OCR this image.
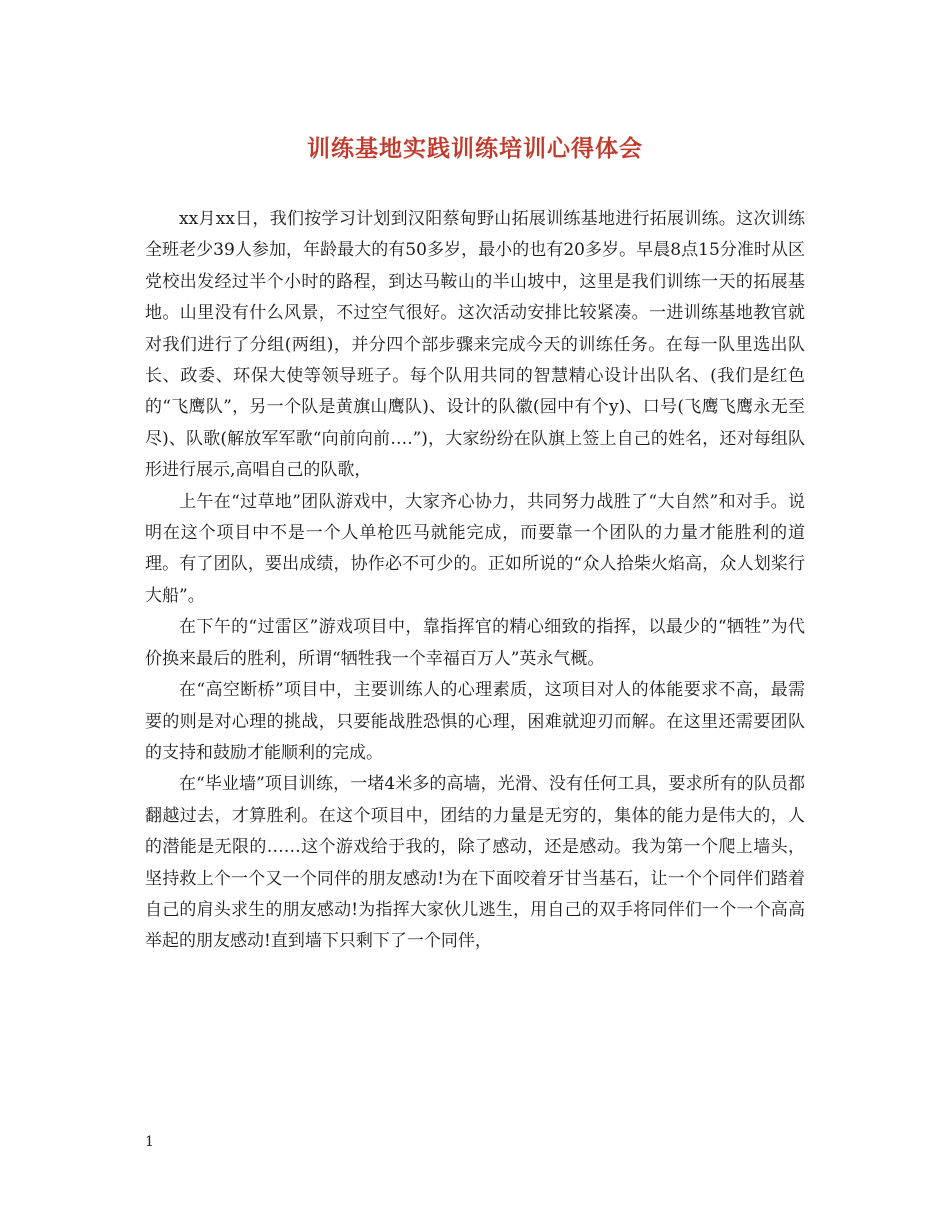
训练基地实践训练培训心得体会

xx月xx日，我们按学习计划到汉阳蔡甸野山拓展训练基地进行拓展训练。这次训练全班老少39人参加，年龄最大的有50多岁，最小的也有20多岁。早晨8点15分准时从区党校出发经过半个小时的路程，到达马鞍山的半山坡中，这里是我们训练一天的拓展基地。山里没有什么风景，不过空气很好。这次活动安排比较紧凑。一进训练基地教官就对我们进行了分组(两组)，并分四个部步骤来完成今天的训练任务。在每一队里选出队长、政委、环保大使等领导班子。每个队用共同的智慧精心设计出队名、(我们是红色的“飞鹰队”，另一个队是黄旗山鹰队)、设计的队徽(园中有个y)、口号(飞鹰飞鹰永无至尽)、队歌(解放军军歌“向前向前….”)，大家纷纷在队旗上签上自己的姓名，还对每组队形进行展示,高唱自己的队歌，

上午在“过草地”团队游戏中，大家齐心协力，共同努力战胜了“大自然”和对手。说明在这个项目中不是一个人单枪匹马就能完成，而要靠一个团队的力量才能胜利的道理。有了团队，要出成绩，协作必不可少的。正如所说的“众人拾柴火焰高，众人划桨行大船”。

在下午的“过雷区”游戏项目中，靠指挥官的精心细致的指挥，以最少的“牺牲”为代价换来最后的胜利，所谓“牺牲我一个幸福百万人”英永气概。

在“高空断桥”项目中，主要训练人的心理素质，这项目对人的体能要求不高，最需要的则是对心理的挑战，只要能战胜恐惧的心理，困难就迎刃而解。在这里还需要团队的支持和鼓励才能顺利的完成。

在“毕业墙”项目训练，一堵4米多的高墙，光滑、没有任何工具，要求所有的队员都翻越过去，才算胜利。在这个项目中，团结的力量是无穷的，集体的能力是伟大的，人的潜能是无限的……这个游戏给于我的，除了感动，还是感动。我为第一个爬上墙头，坚持救上个一个又一个同伴的朋友感动!为在下面咬着牙甘当基石，让一个个同伴们踏着自己的肩头求生的朋友感动!为指挥大家伙儿逃生，用自己的双手将同伴们一个一个高高举起的朋友感动!直到墙下只剩下了一个同伴，

1
